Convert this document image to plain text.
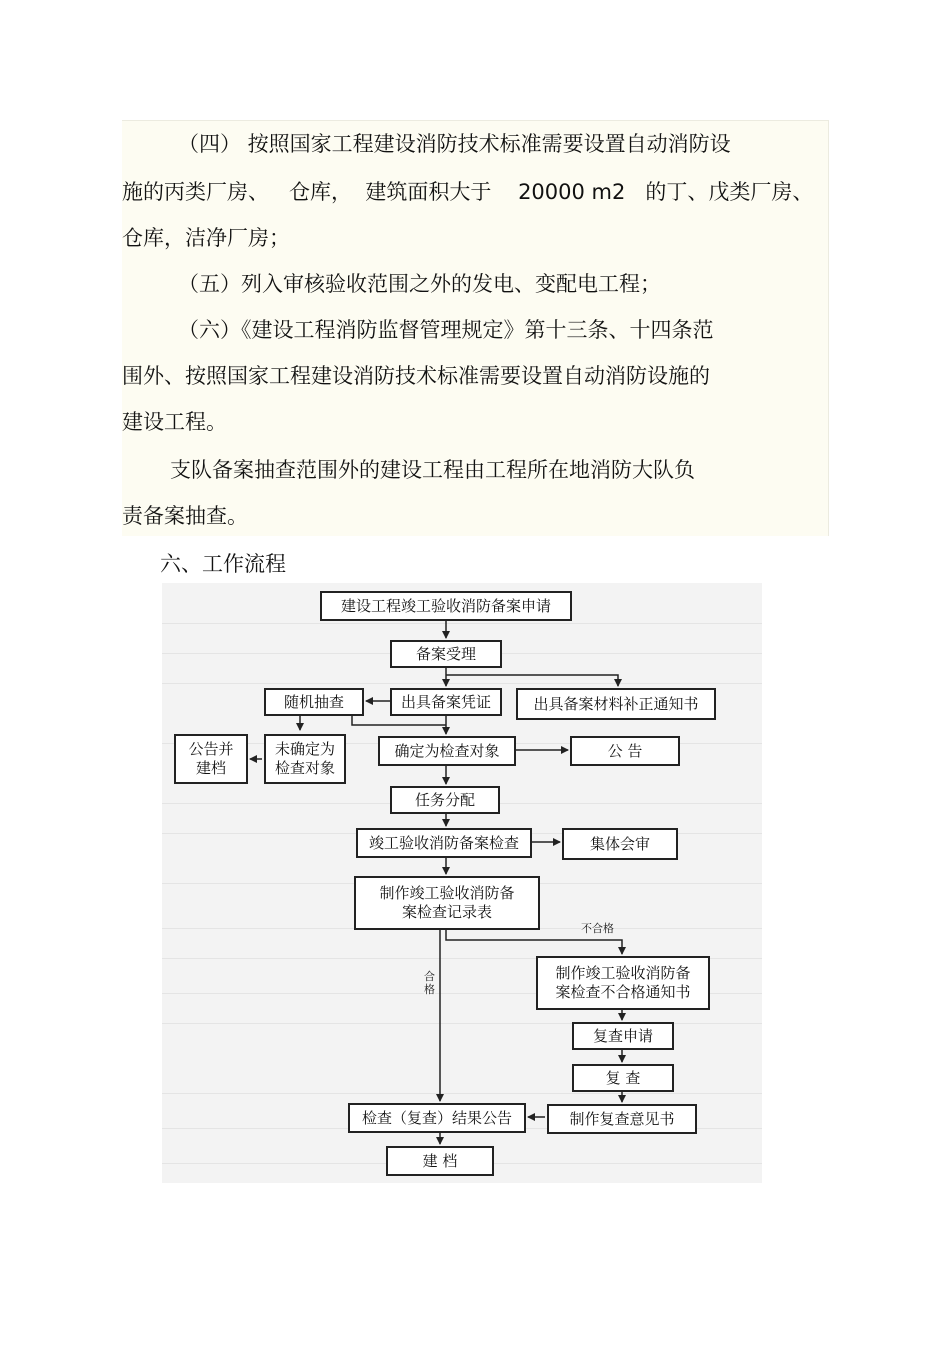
（四） 按照国家工程建设消防技术标准需要设置自动消防设
施的丙类厂房、   仓库，  建筑面积大于    20000 m2   的丁、戊类厂房、
仓库，洁净厂房；
（五）列入审核验收范围之外的发电、变配电工程；
（六）《建设工程消防监督管理规定》第十三条、十四条范
围外、按照国家工程建设消防技术标准需要设置自动消防设施的
建设工程。
支队备案抽查范围外的建设工程由工程所在地消防大队负
责备案抽查。
六、工作流程
建设工程竣工验收消防备案申请
备案受理
随机抽查	出具备案凭证	出具备案材料补正通知书
公告并
建档
未确定为
检查对象
确定为检查对象	公 告
任务分配
竣工验收消防备案检查	集体会审
制作竣工验收消防备
案检查记录表
制作竣工验收消防备
案检查不合格通知书
复查申请
复 查
制作复查意见书
检查（复查）结果公告
建 档
不合格
合
格
